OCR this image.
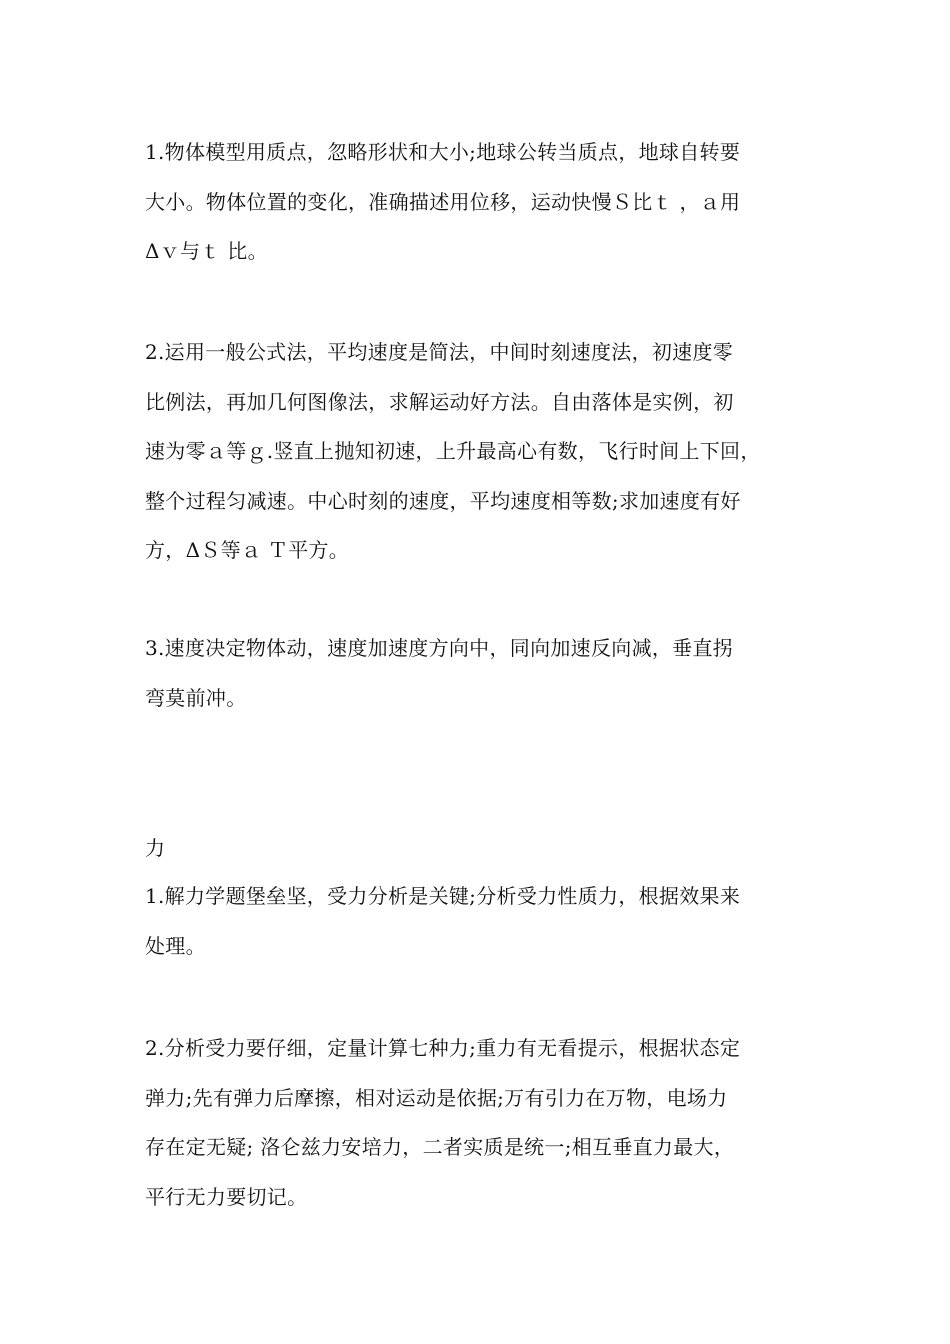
1.物体模型用质点，忽略形状和大小;地球公转当质点，地球自转要
大小。物体位置的变化，准确描述用位移，运动快慢Ｓ比ｔ ，ａ用
Δｖ与ｔ 比。
2.运用一般公式法，平均速度是简法，中间时刻速度法，初速度零
比例法，再加几何图像法，求解运动好方法。自由落体是实例，初
速为零ａ等ｇ.竖直上抛知初速，上升最高心有数，飞行时间上下回，
整个过程匀减速。中心时刻的速度，平均速度相等数;求加速度有好
方，ΔＳ等ａ Ｔ平方。
3.速度决定物体动，速度加速度方向中，同向加速反向减，垂直拐
弯莫前冲。
力
1.解力学题堡垒坚，受力分析是关键;分析受力性质力，根据效果来
处理。
2.分析受力要仔细，定量计算七种力;重力有无看提示，根据状态定
弹力;先有弹力后摩擦，相对运动是依据;万有引力在万物，电场力
存在定无疑; 洛仑兹力安培力，二者实质是统一;相互垂直力最大，
平行无力要切记。
